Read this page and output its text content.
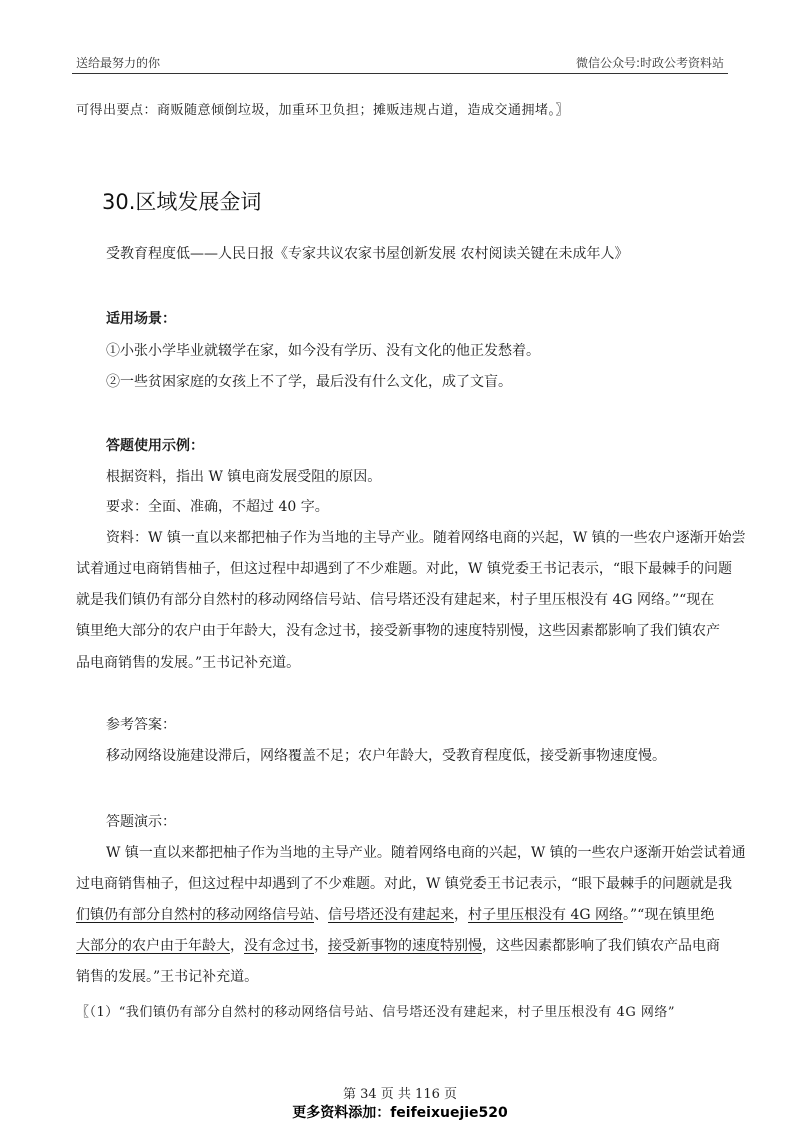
送给最努力的你	微信公众号:时政公考资料站
可得出要点：商贩随意倾倒垃圾，加重环卫负担；摊贩违规占道，造成交通拥堵。〗
30.区域发展金词
受教育程度低——人民日报《专家共议农家书屋创新发展 农村阅读关键在未成年人》
适用场景：
①小张小学毕业就辍学在家，如今没有学历、没有文化的他正发愁着。
②一些贫困家庭的女孩上不了学，最后没有什么文化，成了文盲。
答题使用示例：
根据资料，指出 W 镇电商发展受阻的原因。
要求：全面、准确，不超过 40 字。
资料：W 镇一直以来都把柚子作为当地的主导产业。随着网络电商的兴起，W 镇的一些农户逐渐开始尝
试着通过电商销售柚子，但这过程中却遇到了不少难题。对此，W 镇党委王书记表示，“眼下最棘手的问题
就是我们镇仍有部分自然村的移动网络信号站、信号塔还没有建起来，村子里压根没有 4G 网络。”“现在
镇里绝大部分的农户由于年龄大，没有念过书，接受新事物的速度特别慢，这些因素都影响了我们镇农产
品电商销售的发展。”王书记补充道。
参考答案：
移动网络设施建设滞后，网络覆盖不足；农户年龄大，受教育程度低，接受新事物速度慢。
答题演示：
W 镇一直以来都把柚子作为当地的主导产业。随着网络电商的兴起，W 镇的一些农户逐渐开始尝试着通
过电商销售柚子，但这过程中却遇到了不少难题。对此，W 镇党委王书记表示，“眼下最棘手的问题就是我
们镇仍有部分自然村的移动网络信号站、信号塔还没有建起来，村子里压根没有 4G 网络。”“现在镇里绝
大部分的农户由于年龄大，没有念过书，接受新事物的速度特别慢，这些因素都影响了我们镇农产品电商
销售的发展。”王书记补充道。
〖（1）“我们镇仍有部分自然村的移动网络信号站、信号塔还没有建起来，村子里压根没有 4G 网络”
第 34 页 共 116 页
更多资料添加：feifeixuejie520
